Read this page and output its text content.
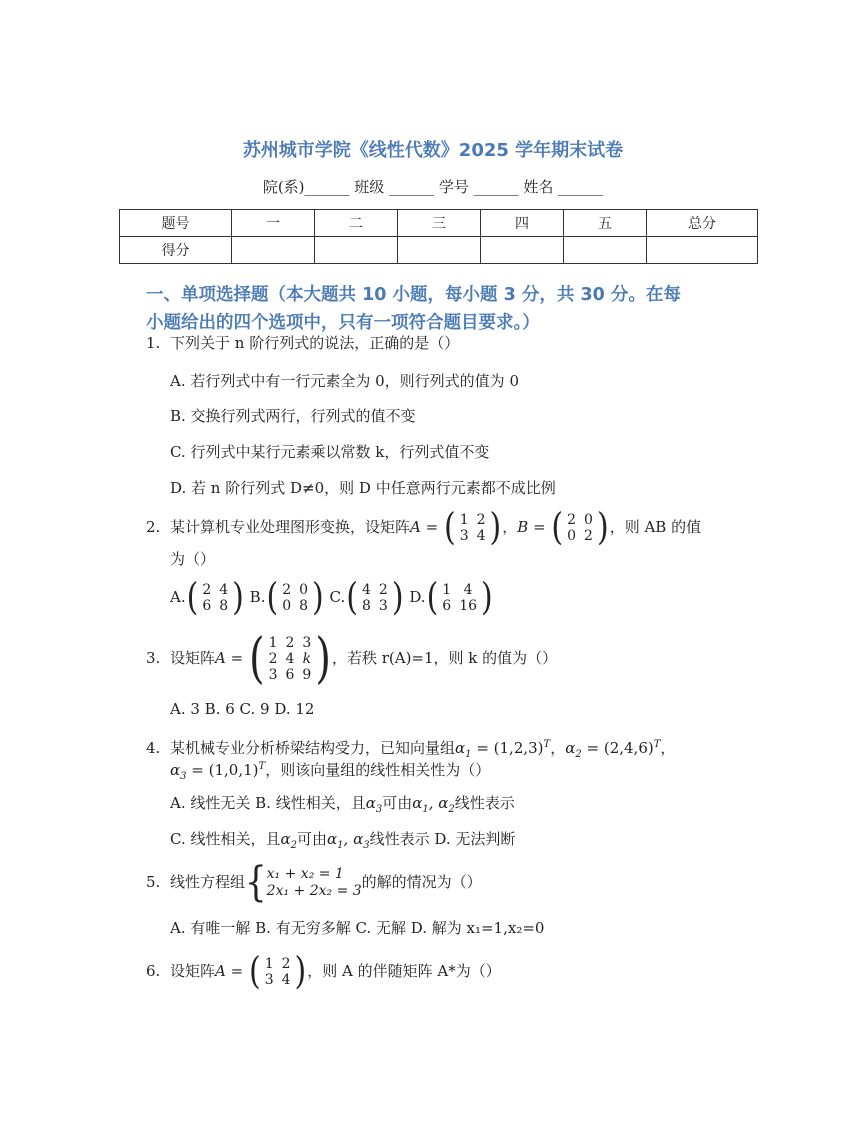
苏州城市学院《线性代数》2025 学年期末试卷
院(系)______ 班级 ______ 学号 ______ 姓名 ______
题号	一	二	三	四	五	总分
得分						
一、单项选择题（本大题共 10 小题，每小题 3 分，共 30 分。在每
小题给出的四个选项中，只有一项符合题目要求。）
1. 下列关于 n 阶行列式的说法，正确的是（）
A. 若行列式中有一行元素全为 0，则行列式的值为 0
B. 交换行列式两行，行列式的值不变
C. 行列式中某行元素乘以常数 k，行列式值不变
D. 若 n 阶行列式 D≠0，则 D 中任意两行元素都不成比例
2. 某计算机专业处理图形变换，设矩阵A = ( 1	2
3	4 ) ，B = ( 2	0
0	2 ) ，则 AB 的值
为（）
A. ( 2	4
6	8 ) B. ( 2	0
0	8 ) C. ( 4	2
8	3 ) D. ( 1	4
6	16 )
3. 设矩阵A = ( 1	2	3
2	4	k
3	6	9 ) ，若秩 r(A)=1，则 k 的值为（）
A. 3 B. 6 C. 9 D. 12
4. 某机械专业分析桥梁结构受力，已知向量组$\alpha_1 = (1,2,3)^T$，$\alpha_2 = (2,4,6)^T$，
$\alpha_3 = (1,0,1)^T$，则该向量组的线性相关性为（）
A. 线性无关 B. 线性相关，且$\alpha_3$可由$\alpha_1$, $\alpha_2$线性表示
C. 线性相关，且$\alpha_2$可由$\alpha_1$, $\alpha_3$线性表示 D. 无法判断
5. 线性方程组 { x₁ + x₂ = 1
2x₁ + 2x₂ = 3 的解的情况为（）
A. 有唯一解 B. 有无穷多解 C. 无解 D. 解为 x₁=1,x₂=0
6. 设矩阵A = ( 1	2
3	4 ) ，则 A 的伴随矩阵 A*为（）
